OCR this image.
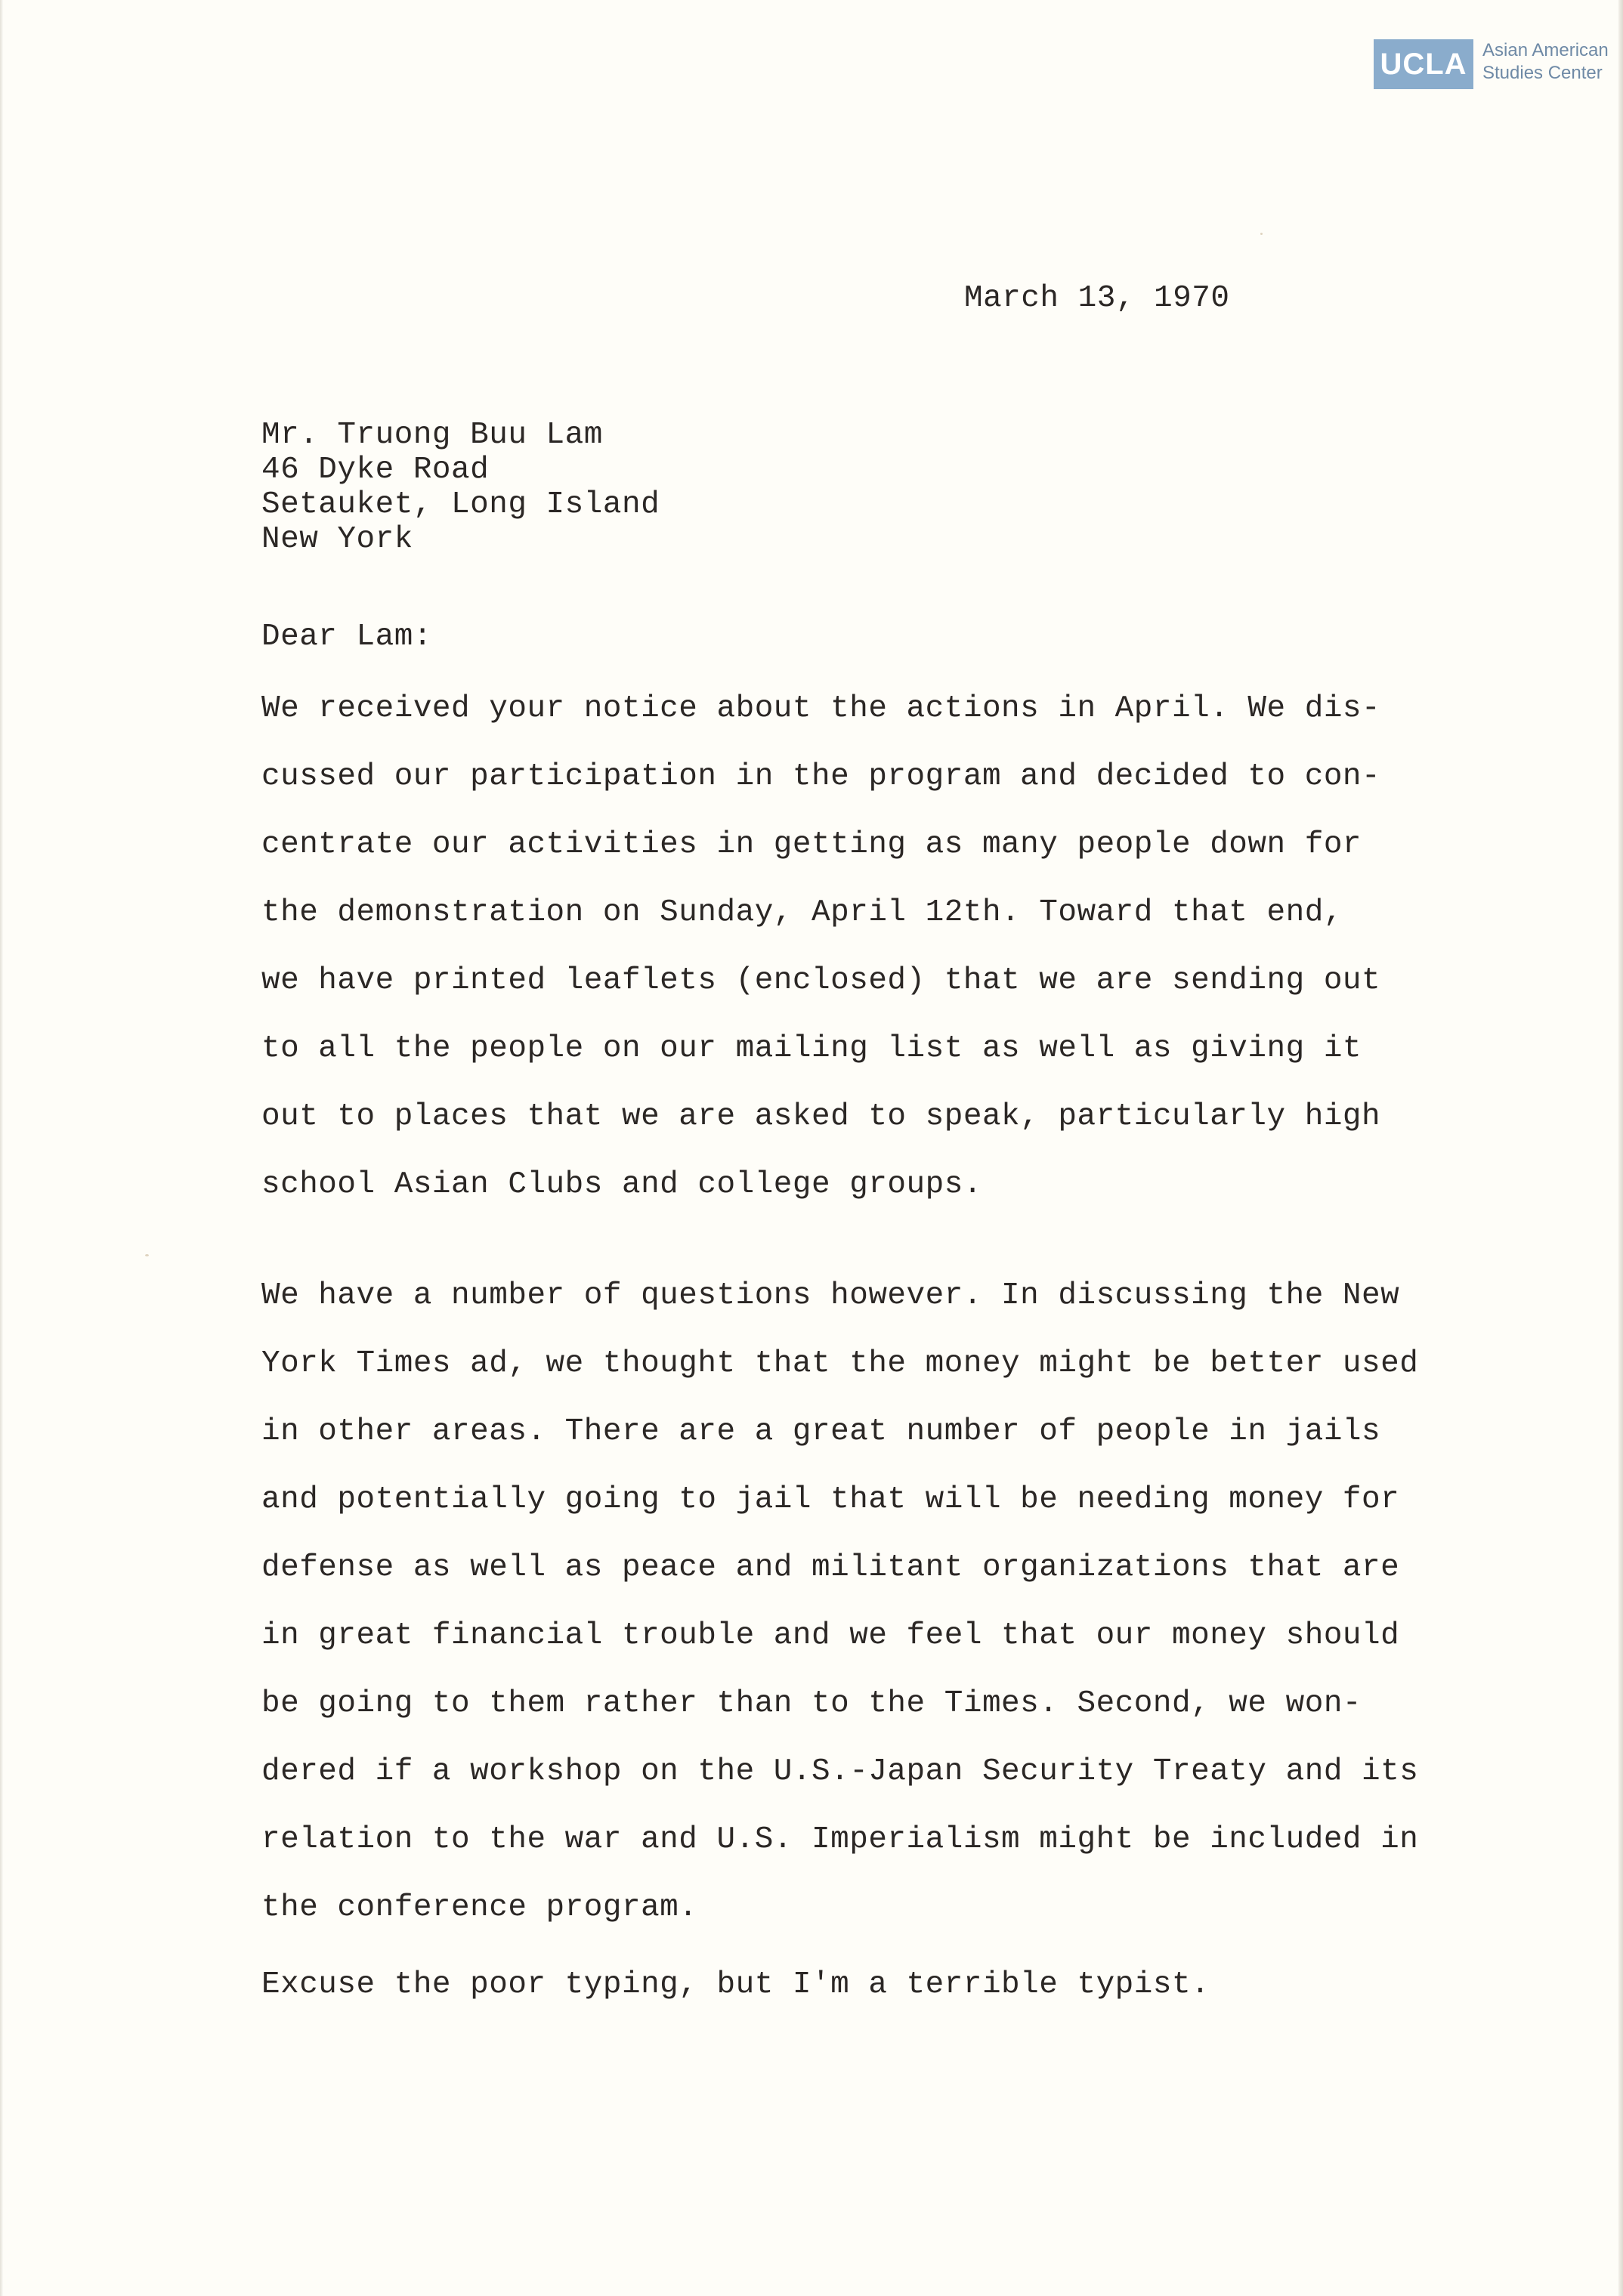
UCLA Asian American
Studies Center
March 13, 1970
Mr. Truong Buu Lam
46 Dyke Road
Setauket, Long Island
New York
Dear Lam:
We received your notice about the actions in April. We dis-
cussed our participation in the program and decided to con-
centrate our activities in getting as many people down for
the demonstration on Sunday, April 12th. Toward that end,
we have printed leaflets (enclosed) that we are sending out
to all the people on our mailing list as well as giving it
out to places that we are asked to speak, particularly high
school Asian Clubs and college groups.
We have a number of questions however. In discussing the New
York Times ad, we thought that the money might be better used
in other areas. There are a great number of people in jails
and potentially going to jail that will be needing money for
defense as well as peace and militant organizations that are
in great financial trouble and we feel that our money should
be going to them rather than to the Times. Second, we won-
dered if a workshop on the U.S.-Japan Security Treaty and its
relation to the war and U.S. Imperialism might be included in
the conference program.
Excuse the poor typing, but I'm a terrible typist.
